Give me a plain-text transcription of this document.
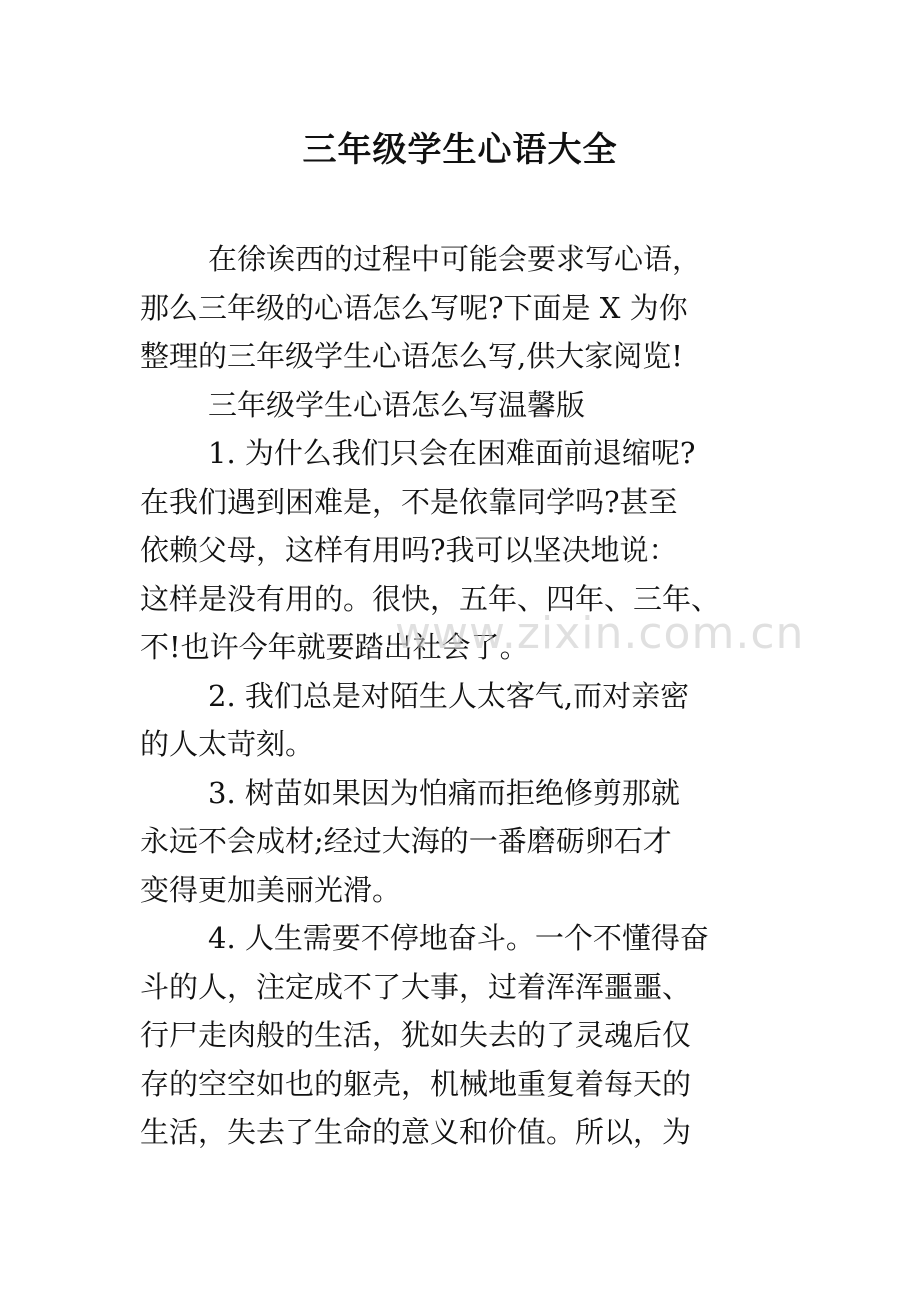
三年级学生心语大全
在徐诶西的过程中可能会要求写心语，
那么三年级的心语怎么写呢?下面是 X 为你
整理的三年级学生心语怎么写,供大家阅览!
三年级学生心语怎么写温馨版
1. 为什么我们只会在困难面前退缩呢?
在我们遇到困难是，不是依靠同学吗?甚至
依赖父母，这样有用吗?我可以坚决地说：
这样是没有用的。很快，五年、四年、三年、
不!也许今年就要踏出社会了。
2. 我们总是对陌生人太客气,而对亲密
的人太苛刻。
3. 树苗如果因为怕痛而拒绝修剪那就
永远不会成材;经过大海的一番磨砺卵石才
变得更加美丽光滑。
4. 人生需要不停地奋斗。一个不懂得奋
斗的人，注定成不了大事，过着浑浑噩噩、
行尸走肉般的生活，犹如失去的了灵魂后仅
存的空空如也的躯壳，机械地重复着每天的
生活，失去了生命的意义和价值。所以，为
www.zixin.com.cn
